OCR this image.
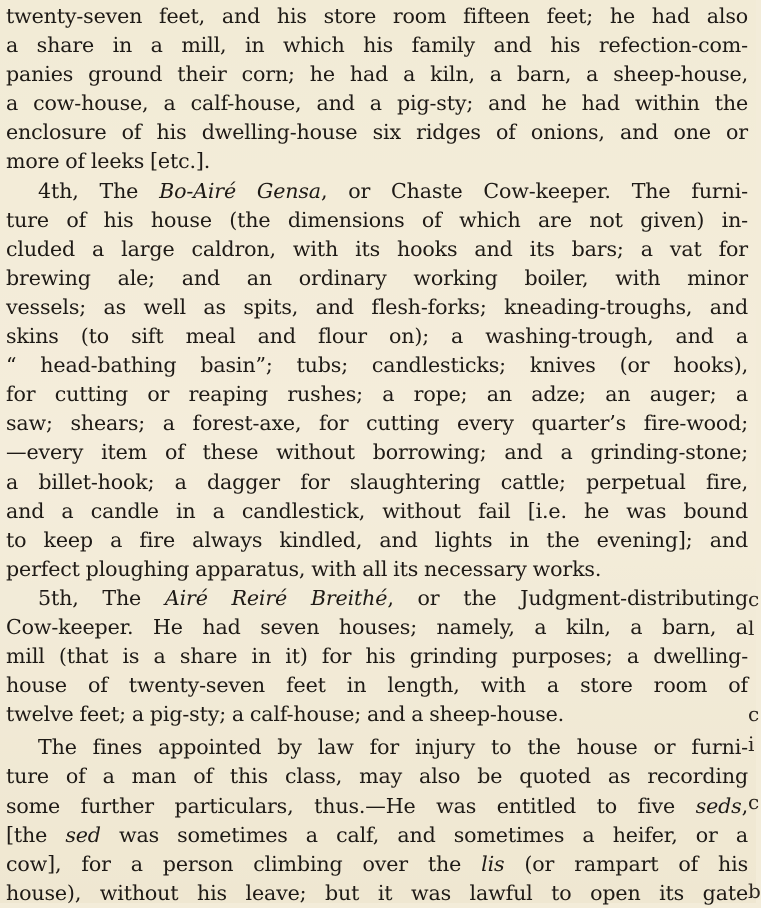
twenty-seven feet, and his store room fifteen feet; he had also
a share in a mill, in which his family and his refection-com-
panies ground their corn; he had a kiln, a barn, a sheep-house,
a cow-house, a calf-house, and a pig-sty; and he had within the
enclosure of his dwelling-house six ridges of onions, and one or
more of leeks [etc.].
4th, The Bo-Airé Gensa, or Chaste Cow-keeper. The furni-
ture of his house (the dimensions of which are not given) in-
cluded a large caldron, with its hooks and its bars; a vat for
brewing ale; and an ordinary working boiler, with minor
vessels; as well as spits, and flesh-forks; kneading-troughs, and
skins (to sift meal and flour on); a washing-trough, and a
“ head-bathing basin”; tubs; candlesticks; knives (or hooks),
for cutting or reaping rushes; a rope; an adze; an auger; a
saw; shears; a forest-axe, for cutting every quarter’s fire-wood;
—every item of these without borrowing; and a grinding-stone;
a billet-hook; a dagger for slaughtering cattle; perpetual fire,
and a candle in a candlestick, without fail [i.e. he was bound
to keep a fire always kindled, and lights in the evening]; and
perfect ploughing apparatus, with all its necessary works.
5th, The Airé Reiré Breithé, or the Judgment-distributing
Cow-keeper. He had seven houses; namely, a kiln, a barn, a
mill (that is a share in it) for his grinding purposes; a dwelling-
house of twenty-seven feet in length, with a store room of
twelve feet; a pig-sty; a calf-house; and a sheep-house.
The fines appointed by law for injury to the house or furni-
ture of a man of this class, may also be quoted as recording
some further particulars, thus.—He was entitled to five seds,
[the sed was sometimes a calf, and sometimes a heifer, or a
cow], for a person climbing over the lis (or rampart of his
house), without his leave; but it was lawful to open its gate
c
l
c
i
c
b
